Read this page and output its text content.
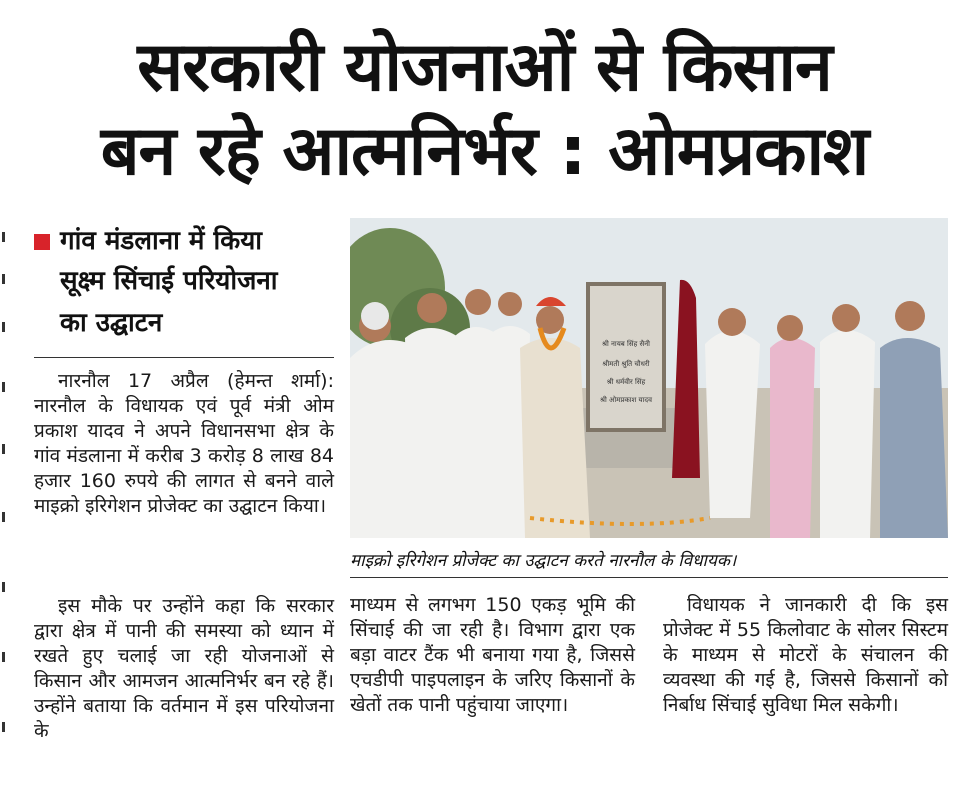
सरकारी योजनाओं से किसान
बन रहे आत्मनिर्भर : ओमप्रकाश
गांव मंडलाना में किया
सूक्ष्म सिंचाई परियोजना
का उद्घाटन

नारनौल 17 अप्रैल (हेमन्त शर्मा): नारनौल के विधायक एवं पूर्व मंत्री ओम प्रकाश यादव ने अपने विधानसभा क्षेत्र के गांव मंडलाना में करीब 3 करोड़ 8 लाख 84 हजार 160 रुपये की लागत से बनने वाले माइक्रो इरिगेशन प्रोजेक्ट का उद्घाटन किया।

इस मौके पर उन्होंने कहा कि सरकार द्वारा क्षेत्र में पानी की समस्या को ध्यान में रखते हुए चलाई जा रही योजनाओं से किसान और आमजन आत्मनिर्भर बन रहे हैं। उन्होंने बताया कि वर्तमान में इस परियोजना के

श्री नायब सिंह सैनी
श्रीमती श्रुति चौधरी
श्री धर्मवीर सिंह
श्री ओमप्रकाश यादव
माइक्रो इरिगेशन प्रोजेक्ट का उद्घाटन करते नारनौल के विधायक।

माध्यम से लगभग 150 एकड़ भूमि की सिंचाई की जा रही है। विभाग द्वारा एक बड़ा वाटर टैंक भी बनाया गया है, जिससे एचडीपी पाइपलाइन के जरिए किसानों के खेतों तक पानी पहुंचाया जाएगा।

विधायक ने जानकारी दी कि इस प्रोजेक्ट में 55 किलोवाट के सोलर सिस्टम के माध्यम से मोटरों के संचालन की व्यवस्था की गई है, जिससे किसानों को निर्बाध सिंचाई सुविधा मिल सकेगी।
